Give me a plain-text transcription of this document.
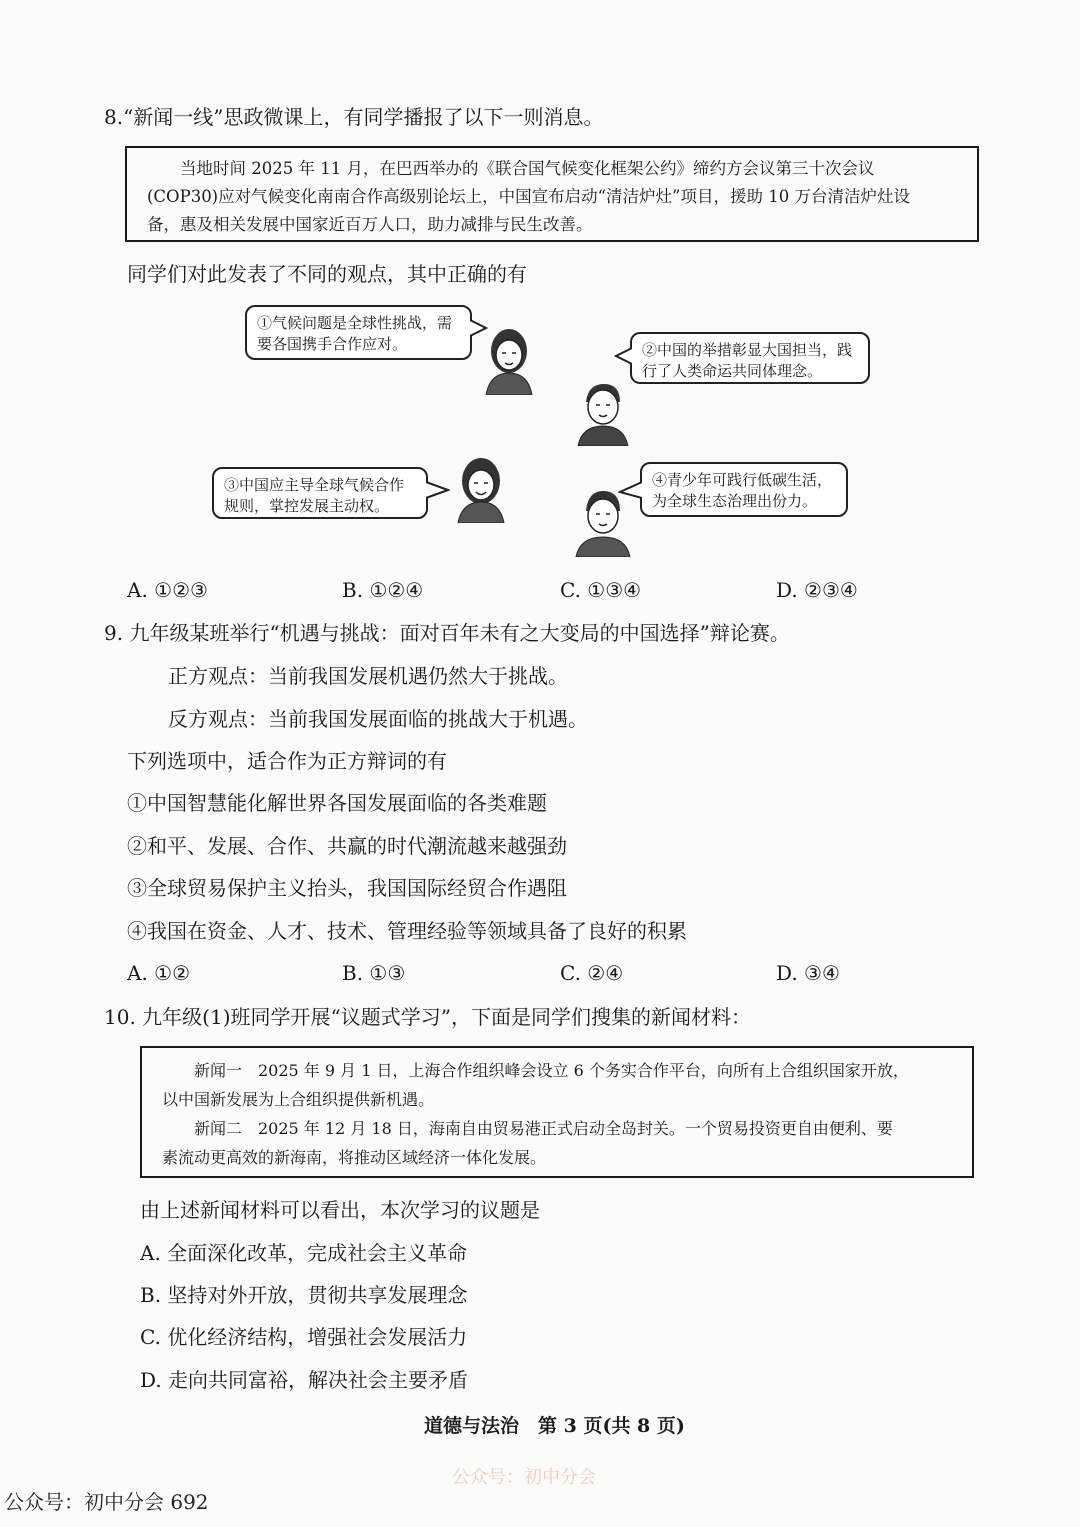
8.“新闻一线”思政微课上，有同学播报了以下一则消息。

当地时间 2025 年 11 月，在巴西举办的《联合国气候变化框架公约》缔约方会议第三十次会议

(COP30)应对气候变化南南合作高级别论坛上，中国宣布启动“清洁炉灶”项目，援助 10 万台清洁炉灶设

备，惠及相关发展中国家近百万人口，助力减排与民生改善。

同学们对此发表了不同的观点，其中正确的有
①气候问题是全球性挑战，需
要各国携手合作应对。	②中国的举措彰显大国担当，践
行了人类命运共同体理念。
③中国应主导全球气候合作
规则，掌控发展主动权。
④青少年可践行低碳生活，
为全球生态治理出份力。
A. ①②③	B. ①②④	C. ①③④	D. ②③④
9. 九年级某班举行“机遇与挑战：面对百年未有之大变局的中国选择”辩论赛。
正方观点：当前我国发展机遇仍然大于挑战。
反方观点：当前我国发展面临的挑战大于机遇。
下列选项中，适合作为正方辩词的有
①中国智慧能化解世界各国发展面临的各类难题
②和平、发展、合作、共赢的时代潮流越来越强劲
③全球贸易保护主义抬头，我国国际经贸合作遇阻
④我国在资金、人才、技术、管理经验等领域具备了良好的积累
A. ①②	B. ①③	C. ②④	D. ③④
10. 九年级(1)班同学开展“议题式学习”，下面是同学们搜集的新闻材料：

新闻一　2025 年 9 月 1 日，上海合作组织峰会设立 6 个务实合作平台，向所有上合组织国家开放，

以中国新发展为上合组织提供新机遇。

新闻二　2025 年 12 月 18 日，海南自由贸易港正式启动全岛封关。一个贸易投资更自由便利、要

素流动更高效的新海南，将推动区域经济一体化发展。

由上述新闻材料可以看出，本次学习的议题是
A. 全面深化改革，完成社会主义革命
B. 坚持对外开放，贯彻共享发展理念
C. 优化经济结构，增强社会发展活力
D. 走向共同富裕，解决社会主要矛盾
道德与法治　第 3 页(共 8 页)
公众号：初中分会
公众号：初中分会 692
